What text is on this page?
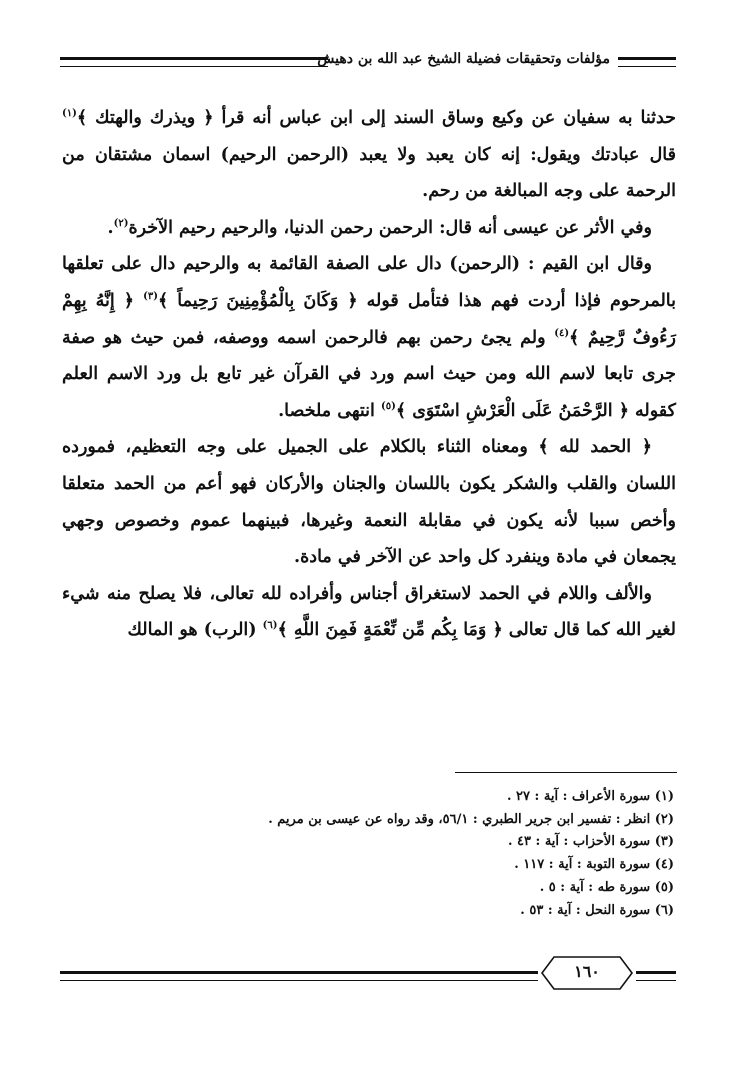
مؤلفات وتحقيقات فضيلة الشيخ عبد الله بن دهيش

حدثنا به سفيان عن وكيع وساق السند إلى ابن عباس أنه قرأ ﴿ ويذرك والهتك ﴾$^{(١)}$ قال عبادتك ويقول: إنه كان يعبد ولا يعبد (الرحمن الرحيم) اسمان مشتقان من الرحمة على وجه المبالغة من رحم.

وفي الأثر عن عيسى أنه قال: الرحمن رحمن الدنيا، والرحيم رحيم الآخرة$^{(٢)}$.

وقال ابن القيم : (الرحمن) دال على الصفة القائمة به والرحيم دال على تعلقها بالمرحوم فإذا أردت فهم هذا فتأمل قوله ﴿ وَكَانَ بِالْمُؤْمِنِينَ رَحِيماً ﴾$^{(٣)}$ ﴿ إِنَّهُ بِهِمْ رَءُوفٌ رَّحِيمٌ ﴾$^{(٤)}$ ولم يجئ رحمن بهم فالرحمن اسمه ووصفه، فمن حيث هو صفة جرى تابعا لاسم الله ومن حيث اسم ورد في القرآن غير تابع بل ورد الاسم العلم كقوله ﴿ الرَّحْمَنُ عَلَى الْعَرْشِ اسْتَوَى ﴾$^{(٥)}$ انتهى ملخصا.

﴿ الحمد لله ﴾ ومعناه الثناء بالكلام على الجميل على وجه التعظيم، فمورده اللسان والقلب والشكر يكون باللسان والجنان والأركان فهو أعم من الحمد متعلقا وأخص سببا لأنه يكون في مقابلة النعمة وغيرها، فبينهما عموم وخصوص وجهي يجمعان في مادة وينفرد كل واحد عن الآخر في مادة.

والألف واللام في الحمد لاستغراق أجناس وأفراده لله تعالى، فلا يصلح منه شيء لغير الله كما قال تعالى ﴿ وَمَا بِكُم مِّن نِّعْمَةٍ فَمِنَ اللَّهِ ﴾$^{(٦)}$ (الرب) هو المالك

(١) سورة الأعراف : آية : ٢٧ .
(٢) انظر : تفسير ابن جرير الطبري : ٥٦/١، وقد رواه عن عيسى بن مريم .
(٣) سورة الأحزاب : آية : ٤٣ .
(٤) سورة التوبة : آية : ١١٧ .
(٥) سورة طه : آية : ٥ .
(٦) سورة النحل : آية : ٥٣ .
١٦٠
